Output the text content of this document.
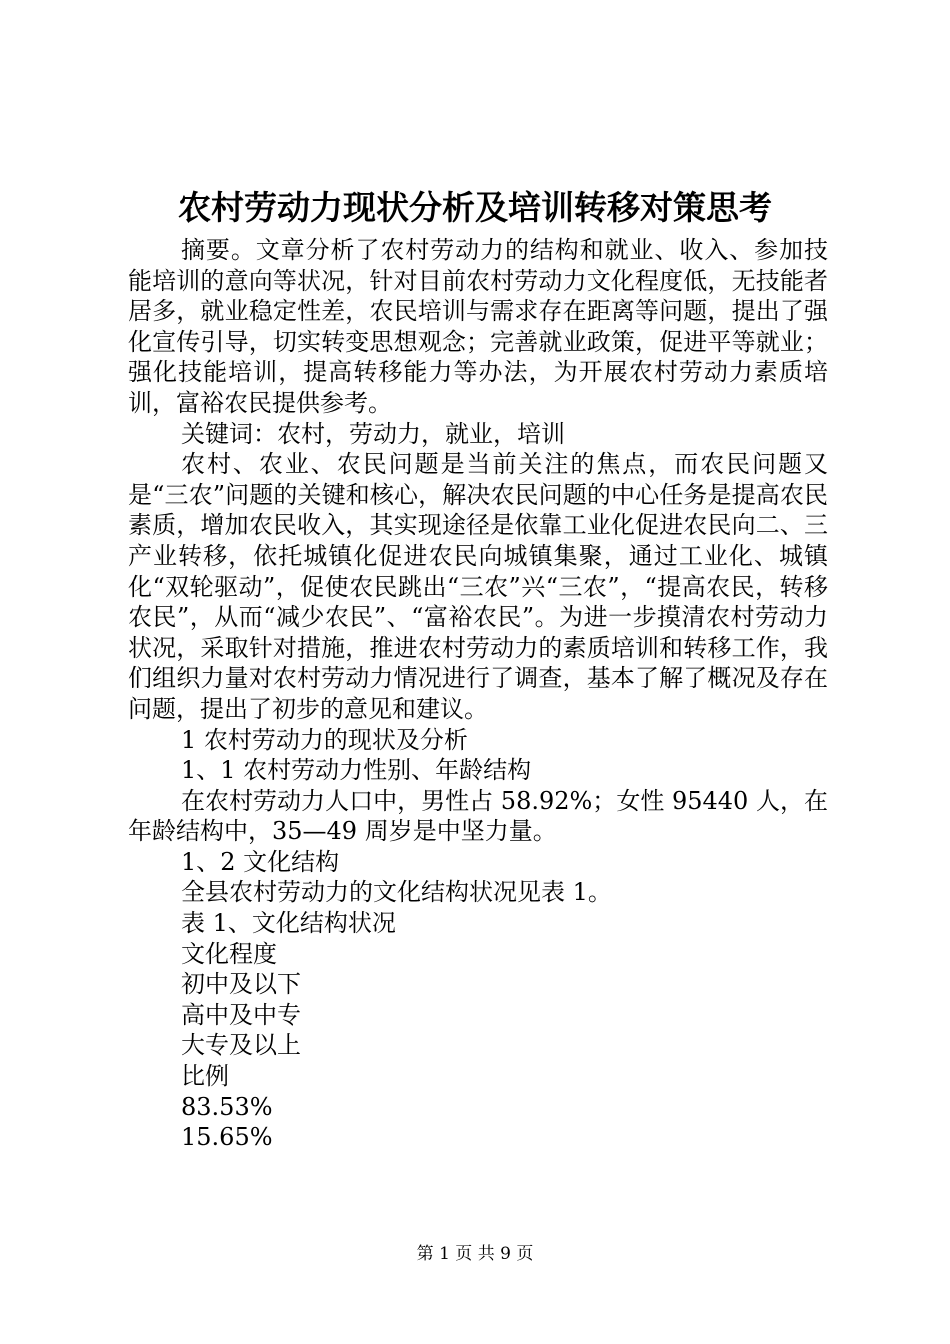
农村劳动力现状分析及培训转移对策思考

摘要。文章分析了农村劳动力的结构和就业、收入、参加技能培训的意向等状况，针对目前农村劳动力文化程度低，无技能者居多，就业稳定性差，农民培训与需求存在距离等问题，提出了强化宣传引导，切实转变思想观念；完善就业政策，促进平等就业；强化技能培训，提高转移能力等办法，为开展农村劳动力素质培训，富裕农民提供参考。

关键词：农村，劳动力，就业，培训

农村、农业、农民问题是当前关注的焦点，而农民问题又是“三农”问题的关键和核心，解决农民问题的中心任务是提高农民素质，增加农民收入，其实现途径是依靠工业化促进农民向二、三产业转移，依托城镇化促进农民向城镇集聚，通过工业化、城镇化“双轮驱动”，促使农民跳出“三农”兴“三农”，“提高农民，转移农民”，从而“减少农民”、“富裕农民”。为进一步摸清农村劳动力状况，采取针对措施，推进农村劳动力的素质培训和转移工作，我们组织力量对农村劳动力情况进行了调查，基本了解了概况及存在问题，提出了初步的意见和建议。

1 农村劳动力的现状及分析

1、1 农村劳动力性别、年龄结构

在农村劳动力人口中，男性占 58.92%；女性 95440 人，在年龄结构中，35—49 周岁是中坚力量。

1、2 文化结构

全县农村劳动力的文化结构状况见表 1。

表 1、文化结构状况

文化程度

初中及以下

高中及中专

大专及以上

比例

83.53%

15.65%

第 1 页 共 9 页
